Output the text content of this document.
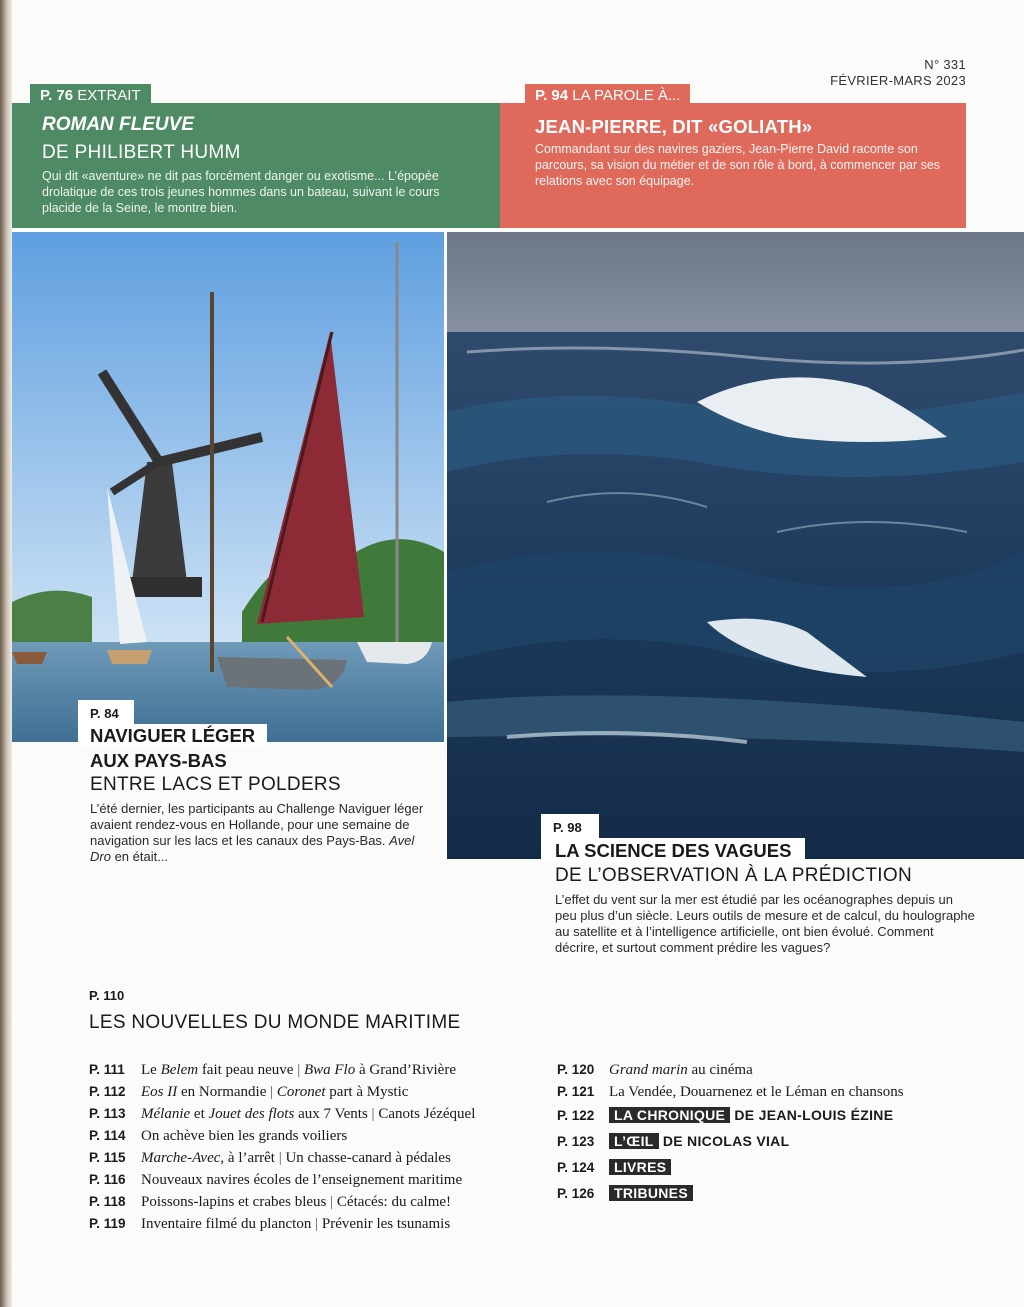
N° 331
FÉVRIER-MARS 2023
P. 76 EXTRAIT
ROMAN FLEUVE
DE PHILIBERT HUMM
Qui dit «aventure» ne dit pas forcément danger ou exotisme... L’épopée drolatique de ces trois jeunes hommes dans un bateau, suivant le cours placide de la Seine, le montre bien.
P. 94 LA PAROLE À...
JEAN-PIERRE, DIT «GOLIATH»
Commandant sur des navires gaziers, Jean-Pierre David raconte son parcours, sa vision du métier et de son rôle à bord, à commencer par ses relations avec son équipage.
P. 84
NAVIGUER LÉGER
AUX PAYS-BAS
ENTRE LACS ET POLDERS
L’été dernier, les participants au Challenge Naviguer léger avaient rendez-vous en Hollande, pour une semaine de navigation sur les lacs et les canaux des Pays-Bas. Avel Dro en était...
P. 98
LA SCIENCE DES VAGUES
DE L’OBSERVATION À LA PRÉDICTION
L’effet du vent sur la mer est étudié par les océanographes depuis un peu plus d’un siècle. Leurs outils de mesure et de calcul, du houlographe au satellite et à l’intelligence artificielle, ont bien évolué. Comment décrire, et surtout comment prédire les vagues?
P. 110
LES NOUVELLES DU MONDE MARITIME
P. 111 Le Belem fait peau neuve | Bwa Flo à Grand’Rivière
P. 112 Eos II en Normandie | Coronet part à Mystic
P. 113 Mélanie et Jouet des flots aux 7 Vents | Canots Jézéquel
P. 114 On achève bien les grands voiliers
P. 115 Marche-Avec, à l’arrêt | Un chasse-canard à pédales
P. 116 Nouveaux navires écoles de l’enseignement maritime
P. 118 Poissons-lapins et crabes bleus | Cétacés: du calme!
P. 119 Inventaire filmé du plancton | Prévenir les tsunamis
P. 120 Grand marin au cinéma
P. 121 La Vendée, Douarnenez et le Léman en chansons
P. 122 LA CHRONIQUE DE JEAN-LOUIS ÉZINE
P. 123 L’ŒIL DE NICOLAS VIAL
P. 124 LIVRES
P. 126 TRIBUNES
